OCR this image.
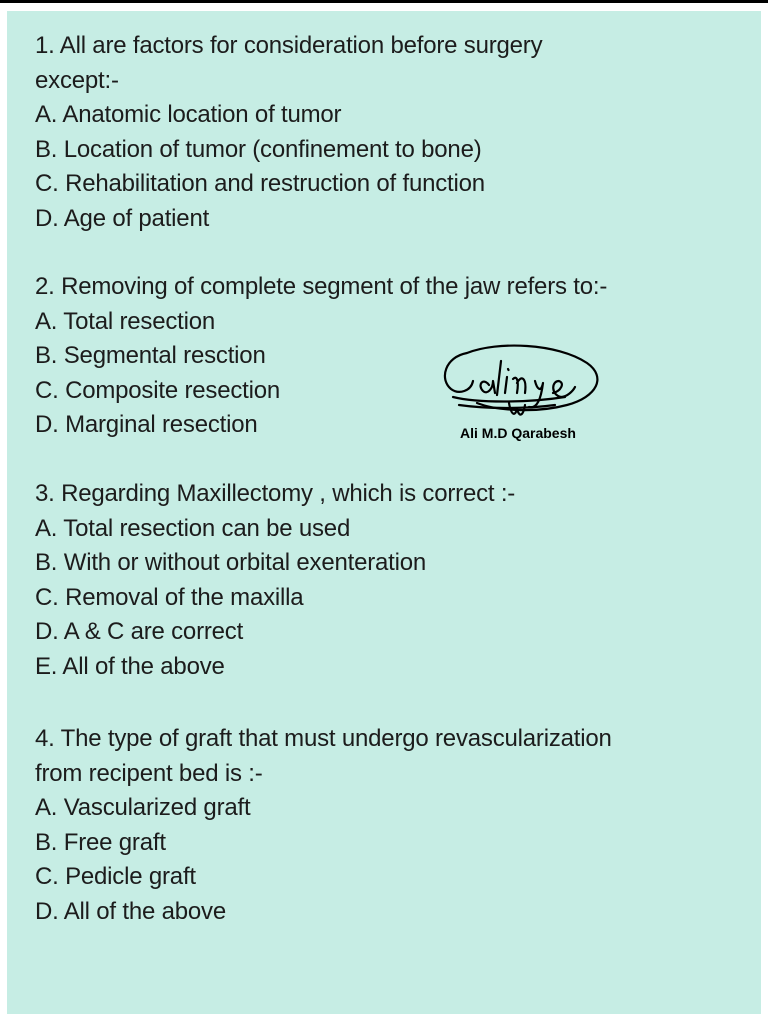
1. All are factors for consideration before surgery
except:-
A. Anatomic location of tumor
B. Location of tumor (confinement to bone)
C. Rehabilitation and restruction of function
D. Age of patient
2. Removing of complete segment of the jaw refers to:-
A. Total resection
B. Segmental resction
C. Composite resection
D. Marginal resection
3. Regarding Maxillectomy , which is correct :-
A. Total resection can be used
B. With or without orbital exenteration
C. Removal of the maxilla
D. A & C are correct
E. All of the above
4. The type of graft that must undergo revascularization
from recipent bed is :-
A. Vascularized graft
B. Free graft
C. Pedicle graft
D. All of the above
Ali M.D Qarabesh
